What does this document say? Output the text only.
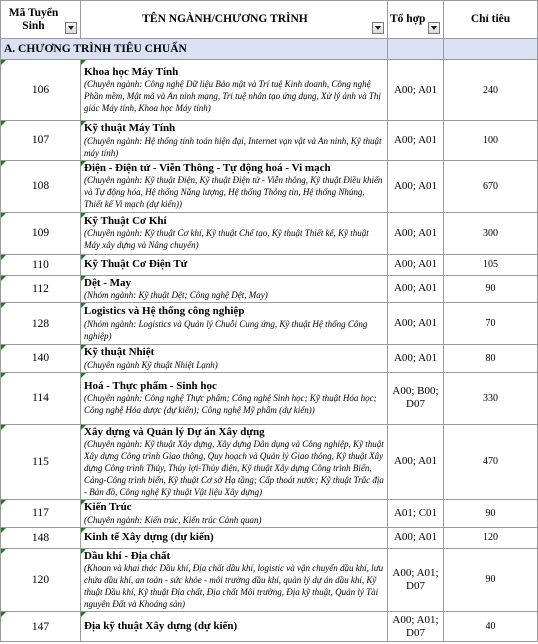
Mã Tuyển Sinh	TÊN NGÀNH/CHƯƠNG TRÌNH	Tổ hợp	Chỉ tiêu

A. CHƯƠNG TRÌNH TIÊU CHUẨN			
106	Khoa học Máy Tính
(Chuyên ngành: Công nghệ Dữ liệu Bảo mật và Trí tuệ Kinh doanh, Công nghệ Phần mềm, Mật mã và An ninh mạng, Trí tuệ nhân tạo ứng dụng, Xử lý ảnh và Thị giác Máy tính, Khoa học Máy tính)	A00; A01	240
107	Kỹ thuật Máy Tính
(Chuyên ngành: Hệ thống tính toán hiện đại, Internet vạn vật và An ninh, Kỹ thuật máy tính)	A00; A01	100
108	Điện - Điện tử - Viễn Thông - Tự động hoá - Vi mạch
(Chuyên ngành: Kỹ thuật Điện, Kỹ thuật Điện tử - Viễn thông, Kỹ thuật Điều khiển và Tự động hóa, Hệ thống Năng lượng, Hệ thống Thông tin, Hệ thống Nhúng, Thiết kế Vi mạch (dự kiến))	A00; A01	670
109	Kỹ Thuật Cơ Khí
(Chuyên ngành: Kỹ thuật Cơ khí, Kỹ thuật Chế tạo, Kỹ thuật Thiết kế, Kỹ thuật Máy xây dựng và Nâng chuyển)	A00; A01	300
110	Kỹ Thuật Cơ Điện Tử	A00; A01	105
112	Dệt - May
(Nhóm ngành: Kỹ thuật Dệt; Công nghệ Dệt, May)	A00; A01	90
128	Logistics và Hệ thống công nghiệp
(Nhóm ngành: Logistics và Quản lý Chuỗi Cung ứng, Kỹ thuật Hệ thống Công nghiệp)	A00; A01	70
140	Kỹ thuật Nhiệt
(Chuyên ngành Kỹ thuật Nhiệt Lạnh)	A00; A01	80
114	Hoá - Thực phẩm - Sinh học
(Chuyên ngành: Công nghệ Thực phẩm; Công nghệ Sinh học; Kỹ thuật Hóa học; Công nghệ Hóa dược (dự kiến); Công nghệ Mỹ phẩm (dự kiến))	A00; B00; D07	330
115	Xây dựng và Quản lý Dự án Xây dựng
(Chuyên ngành: Kỹ thuật Xây dựng, Xây dựng Dân dụng và Công nghiệp, Kỹ thuật Xây dựng Công trình Giao thông, Quy hoạch và Quản lý Giao thông, Kỹ thuật Xây dựng Công trình Thủy, Thủy lợi-Thủy điện, Kỹ thuật Xây dựng Công trình Biển, Cảng-Công trình biển, Kỹ thuật Cơ sở Hạ tầng; Cấp thoát nước; Kỹ thuật Trắc địa - Bản đồ, Công nghệ Kỹ thuật Vật liệu Xây dựng)	A00; A01	470
117	Kiến Trúc
(Chuyên ngành: Kiến trúc, Kiến trúc Cảnh quan)	A01; C01	90
148	Kinh tế Xây dựng (dự kiến)	A00; A01	120
120	Dầu khí - Địa chất
(Khoan và khai thác Dầu khí, Địa chất dầu khí, logistic và vận chuyển dầu khí, lưu chứa dầu khí, an toàn - sức khỏe - môi trường dầu khí, quản lý dự án dầu khí, Kỹ thuật Dầu khí, Kỹ thuật Địa chất, Địa chất Môi trường, Địa kỹ thuật, Quản lý Tài nguyên Đất và Khoáng sản)	A00; A01; D07	90
147	Địa kỹ thuật Xây dựng (dự kiến)	A00; A01; D07	40
